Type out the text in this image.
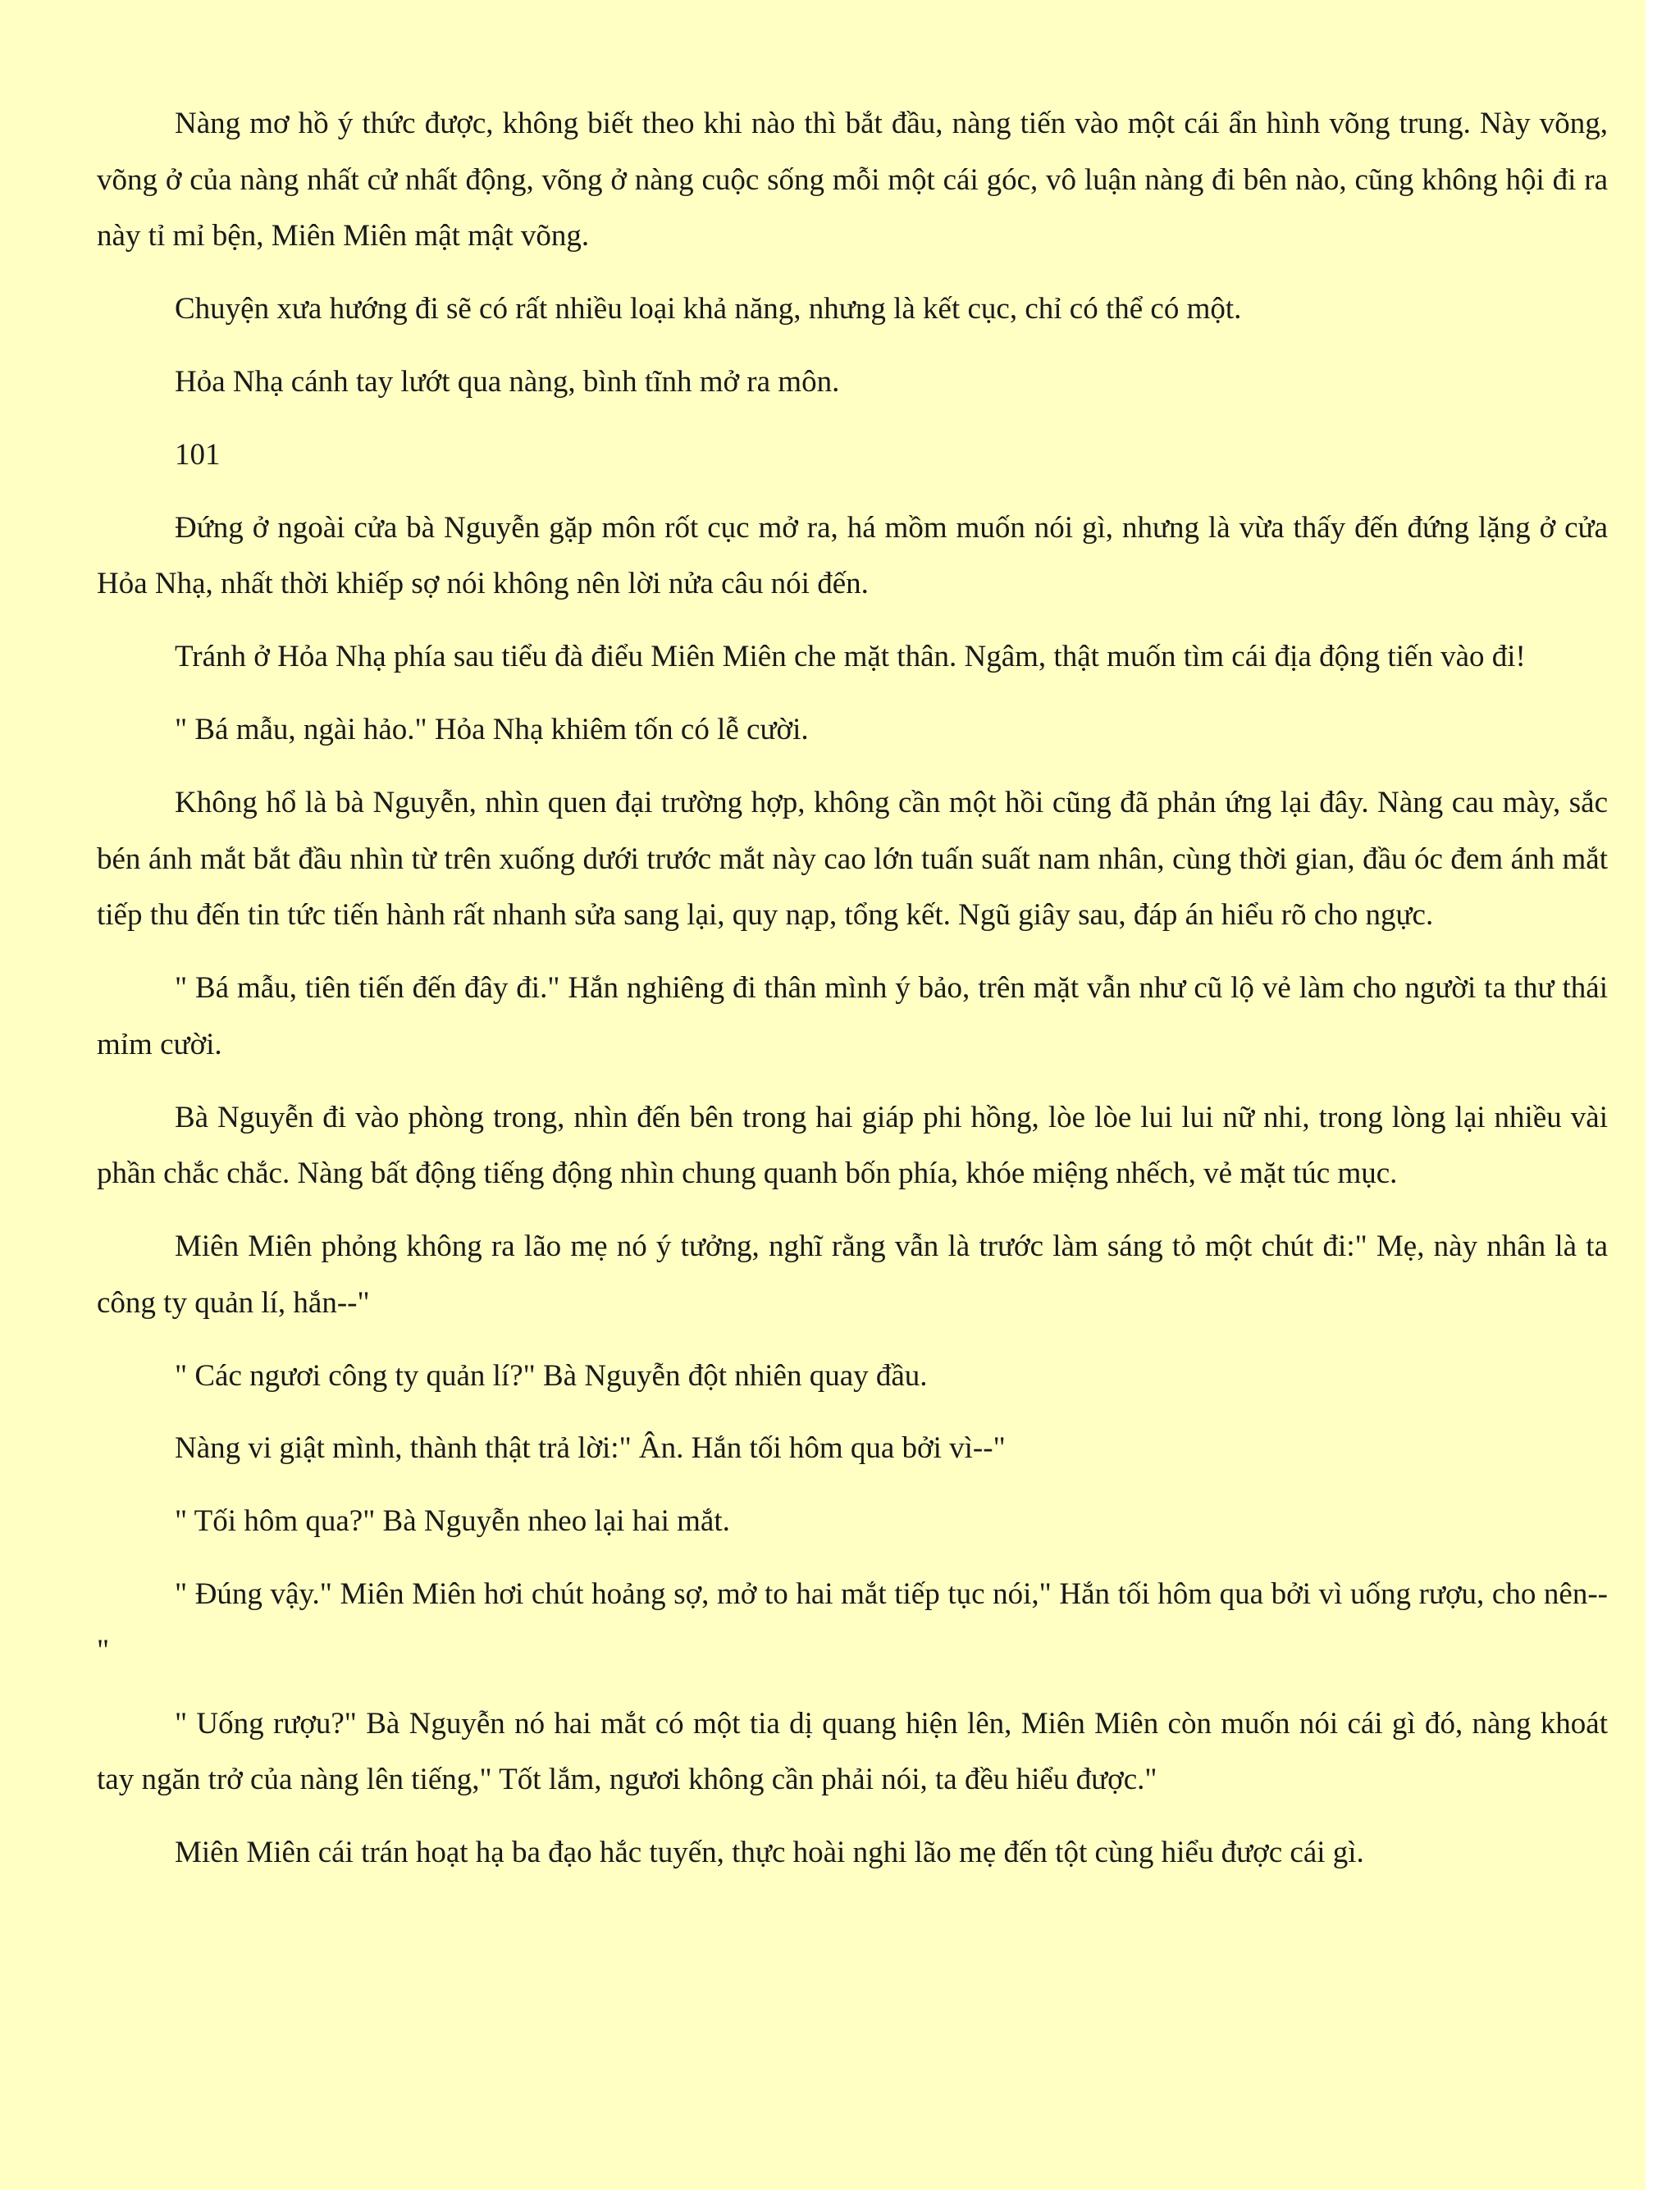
Nàng mơ hồ ý thức được, không biết theo khi nào thì bắt đầu, nàng tiến vào một cái ẩn hình võng trung. Này võng, võng ở của nàng nhất cử nhất động, võng ở nàng cuộc sống mỗi một cái góc, vô luận nàng đi bên nào, cũng không hội đi ra này tỉ mỉ bện, Miên Miên mật mật võng.

Chuyện xưa hướng đi sẽ có rất nhiều loại khả năng, nhưng là kết cục, chỉ có thể có một.

Hỏa Nhạ cánh tay lướt qua nàng, bình tĩnh mở ra môn.

101

Đứng ở ngoài cửa bà Nguyễn gặp môn rốt cục mở ra, há mồm muốn nói gì, nhưng là vừa thấy đến đứng lặng ở cửa Hỏa Nhạ, nhất thời khiếp sợ nói không nên lời nửa câu nói đến.

Tránh ở Hỏa Nhạ phía sau tiểu đà điểu Miên Miên che mặt thân. Ngâm, thật muốn tìm cái địa động tiến vào đi!

" Bá mẫu, ngài hảo." Hỏa Nhạ khiêm tốn có lễ cười.

Không hổ là bà Nguyễn, nhìn quen đại trường hợp, không cần một hồi cũng đã phản ứng lại đây. Nàng cau mày, sắc bén ánh mắt bắt đầu nhìn từ trên xuống dưới trước mắt này cao lớn tuấn suất nam nhân, cùng thời gian, đầu óc đem ánh mắt tiếp thu đến tin tức tiến hành rất nhanh sửa sang lại, quy nạp, tổng kết. Ngũ giây sau, đáp án hiểu rõ cho ngực.

" Bá mẫu, tiên tiến đến đây đi." Hắn nghiêng đi thân mình ý bảo, trên mặt vẫn như cũ lộ vẻ làm cho người ta thư thái mỉm cười.

Bà Nguyễn đi vào phòng trong, nhìn đến bên trong hai giáp phi hồng, lòe lòe lui lui nữ nhi, trong lòng lại nhiều vài phần chắc chắc. Nàng bất động tiếng động nhìn chung quanh bốn phía, khóe miệng nhếch, vẻ mặt túc mục.

Miên Miên phỏng không ra lão mẹ nó ý tưởng, nghĩ rằng vẫn là trước làm sáng tỏ một chút đi:" Mẹ, này nhân là ta công ty quản lí, hắn--"

" Các ngươi công ty quản lí?" Bà Nguyễn đột nhiên quay đầu.

Nàng vi giật mình, thành thật trả lời:" Ân. Hắn tối hôm qua bởi vì--"

" Tối hôm qua?" Bà Nguyễn nheo lại hai mắt.

" Đúng vậy." Miên Miên hơi chút hoảng sợ, mở to hai mắt tiếp tục nói," Hắn tối hôm qua bởi vì uống rượu, cho nên--"

" Uống rượu?" Bà Nguyễn nó hai mắt có một tia dị quang hiện lên, Miên Miên còn muốn nói cái gì đó, nàng khoát tay ngăn trở của nàng lên tiếng," Tốt lắm, ngươi không cần phải nói, ta đều hiểu được."

Miên Miên cái trán hoạt hạ ba đạo hắc tuyến, thực hoài nghi lão mẹ đến tột cùng hiểu được cái gì.
